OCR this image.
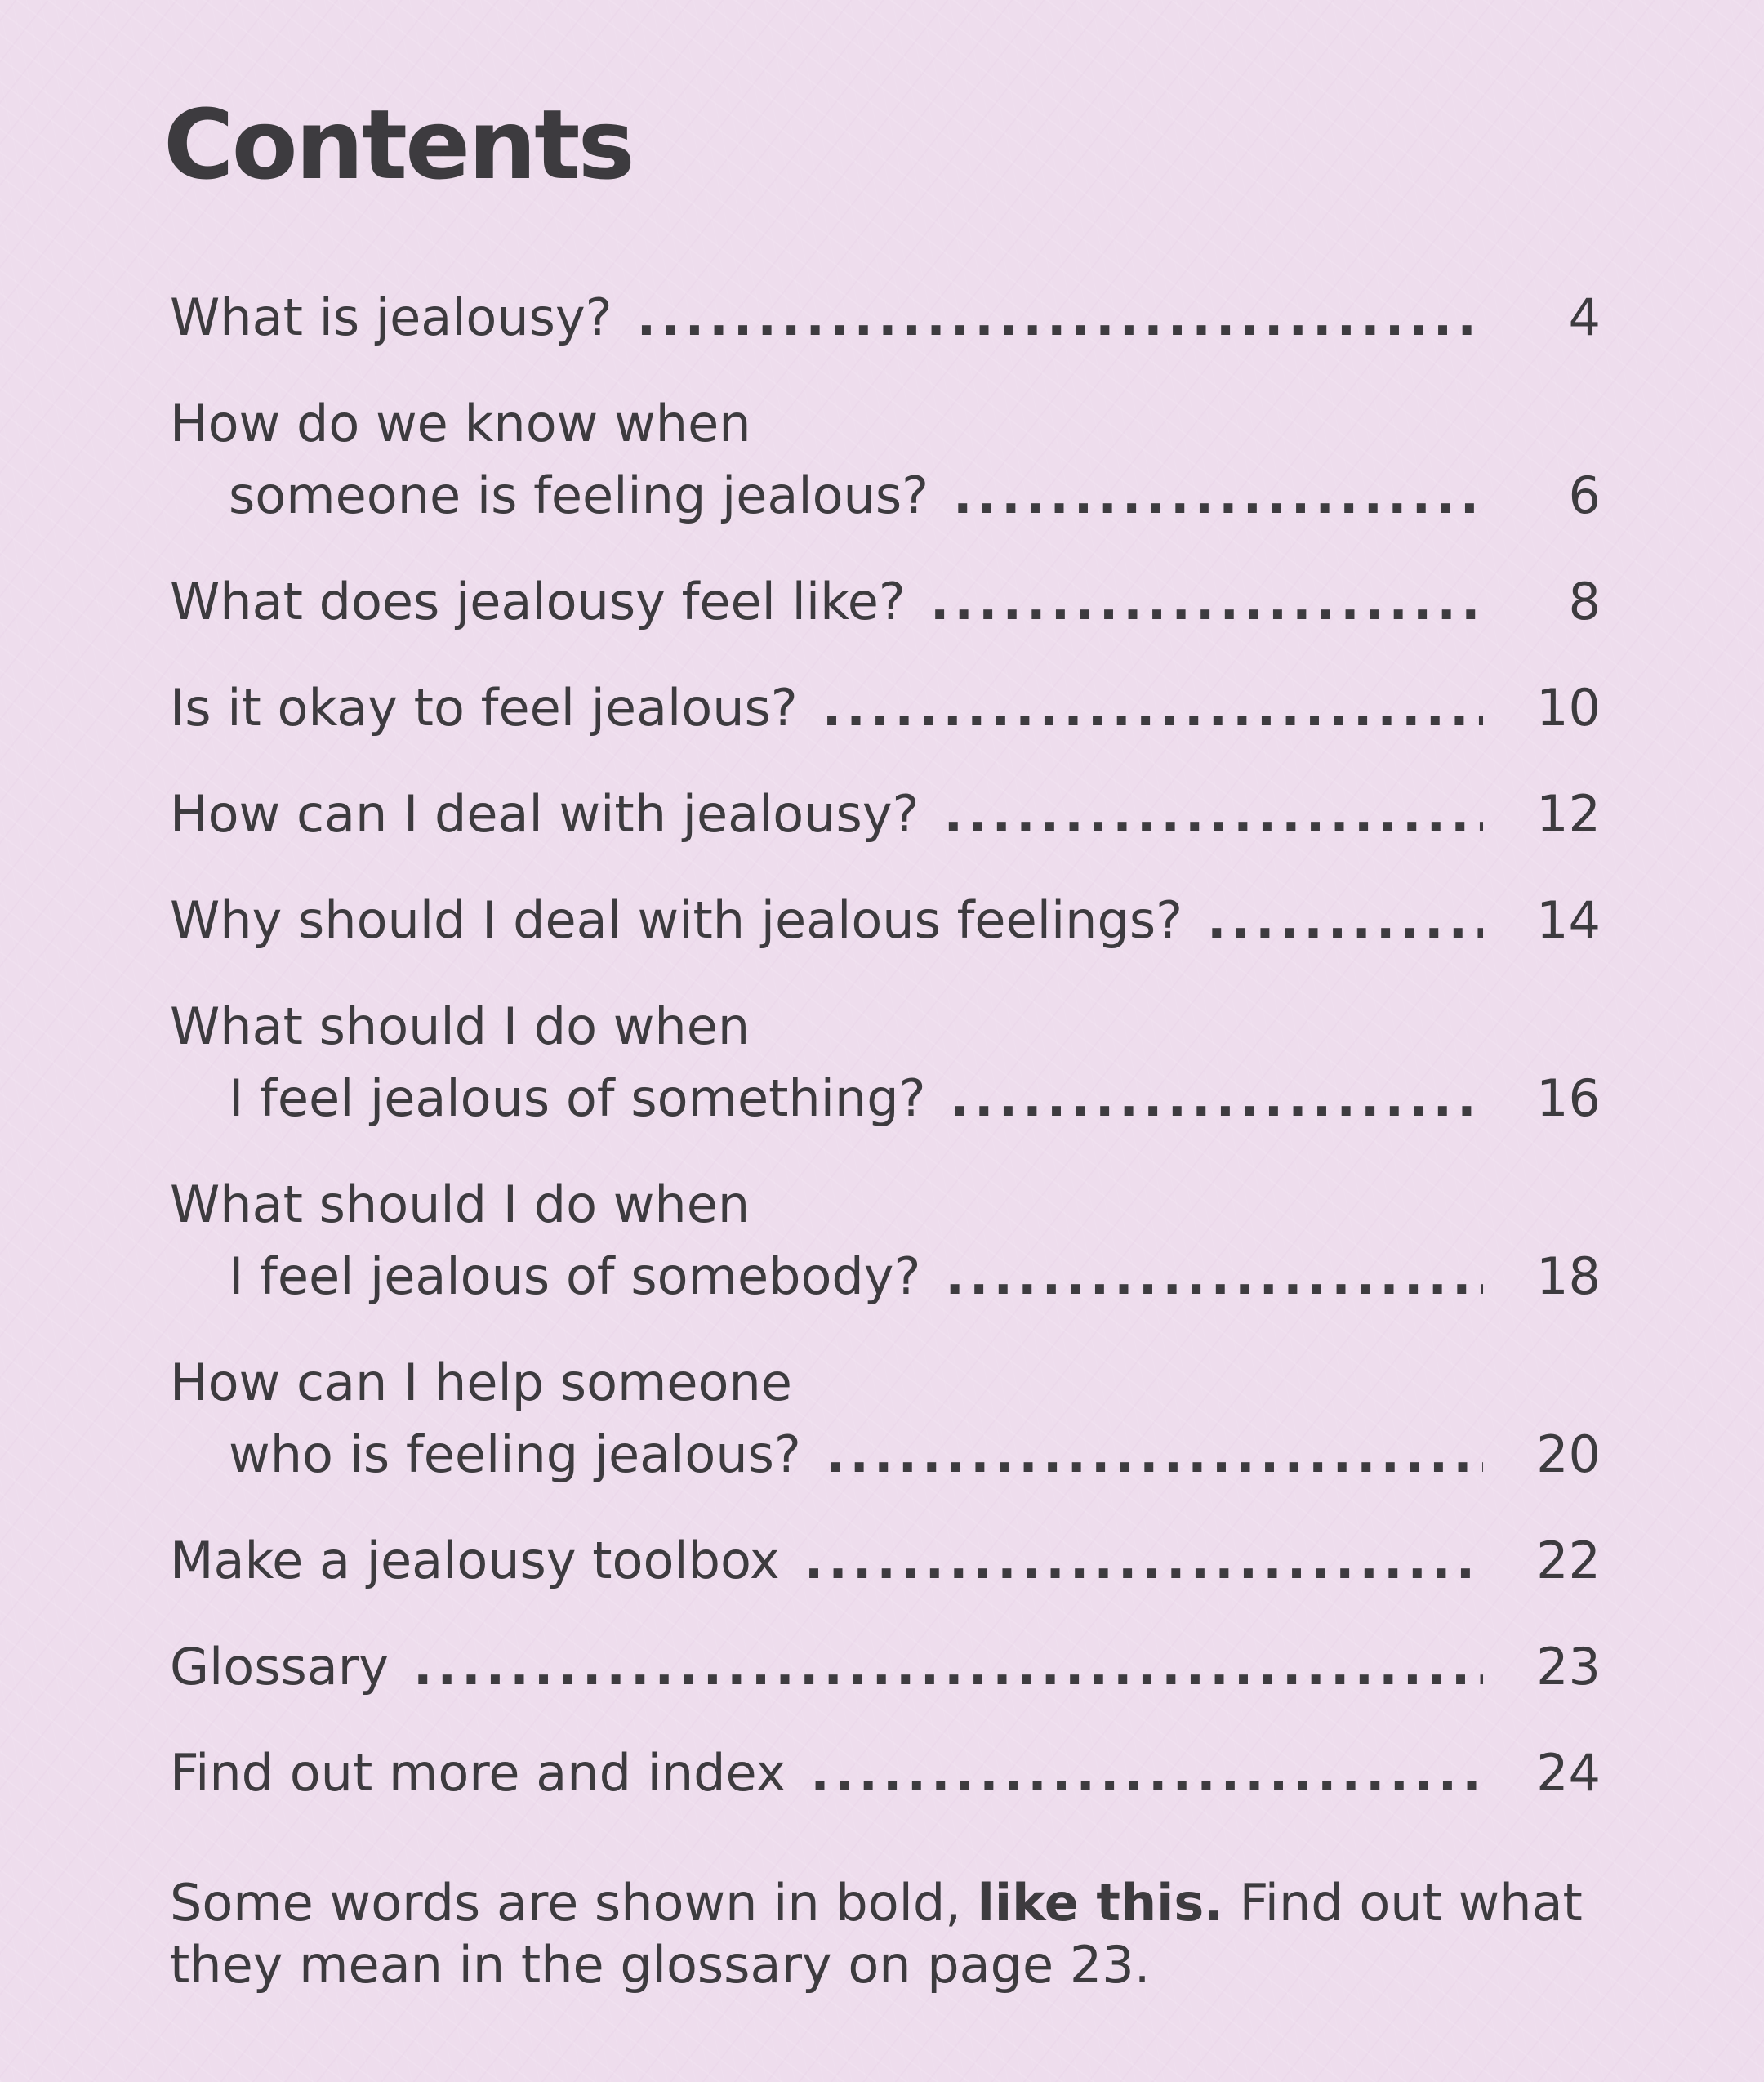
Contents
What is jealousy? .....	4
How do we know when
someone is feeling jealous? .....	6
What does jealousy feel like? .....	8
Is it okay to feel jealous? .....	10
How can I deal with jealousy? .....	12
Why should I deal with jealous feelings? .....	14
What should I do when
I feel jealous of something? .....	16
What should I do when
I feel jealous of somebody? .....	18
How can I help someone
who is feeling jealous? .....	20
Make a jealousy toolbox .....	22
Glossary .....	23
Find out more and index .....	24

Some words are shown in bold, like this. Find out what they mean in the glossary on page 23.
